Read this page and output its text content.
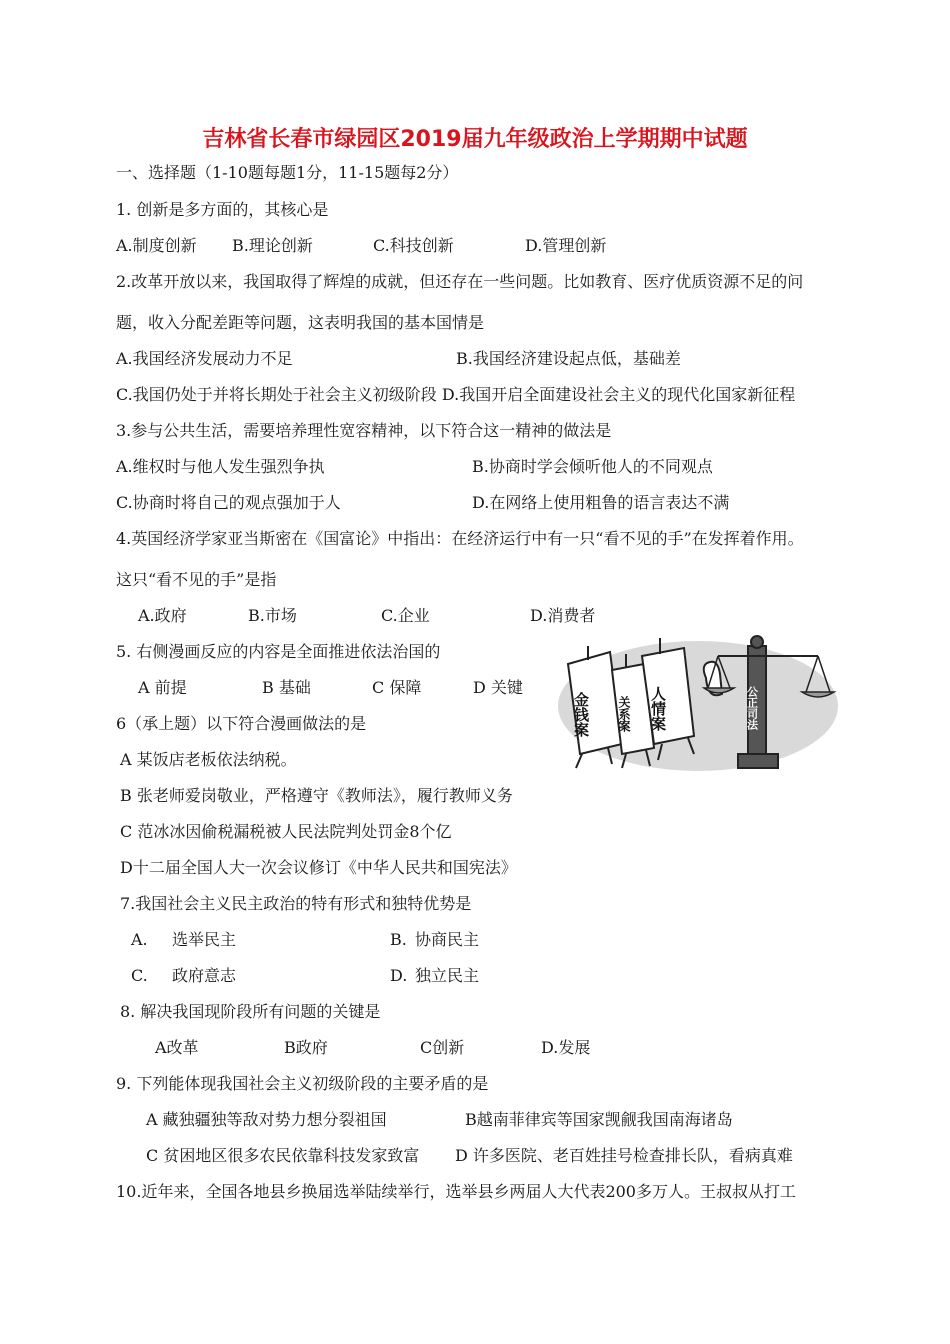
吉林省长春市绿园区2019届九年级政治上学期期中试题
一、选择题（1-10题每题1分，11-15题每2分）
1. 创新是多方面的，其核心是
A.制度创新 B.理论创新	C.科技创新	D.管理创新
2.改革开放以来，我国取得了辉煌的成就，但还存在一些问题。比如教育、医疗优质资源不足的问
题，收入分配差距等问题，这表明我国的基本国情是
A.我国经济发展动力不足	B.我国经济建设起点低，基础差
C.我国仍处于并将长期处于社会主义初级阶段 D.我国开启全面建设社会主义的现代化国家新征程
3.参与公共生活，需要培养理性宽容精神，以下符合这一精神的做法是
A.维权时与他人发生强烈争执	B.协商时学会倾听他人的不同观点
C.协商时将自己的观点强加于人	D.在网络上使用粗鲁的语言表达不满
4.英国经济学家亚当斯密在《国富论》中指出：在经济运行中有一只“看不见的手”在发挥着作用。
这只“看不见的手”是指
A.政府	B.市场	C.企业	D.消费者
5. 右侧漫画反应的内容是全面推进依法治国的
A 前提	B 基础	C 保障	D 关键
金钱案 关系案 人情案	公正司法
6（承上题）以下符合漫画做法的是
A 某饭店老板依法纳税。
B 张老师爱岗敬业，严格遵守《教师法》，履行教师义务
C 范冰冰因偷税漏税被人民法院判处罚金8个亿
D十二届全国人大一次会议修订《中华人民共和国宪法》
7.我国社会主义民主政治的特有形式和独特优势是
A. 选举民主	B. 协商民主
C. 政府意志	D. 独立民主
8. 解决我国现阶段所有问题的关键是
A改革	B政府	C创新	D.发展
9. 下列能体现我国社会主义初级阶段的主要矛盾的是
A 藏独疆独等敌对势力想分裂祖国	B越南菲律宾等国家觊觎我国南海诸岛
C 贫困地区很多农民依靠科技发家致富 D 许多医院、老百姓挂号检查排长队，看病真难
10.近年来，全国各地县乡换届选举陆续举行，选举县乡两届人大代表200多万人。王叔叔从打工
